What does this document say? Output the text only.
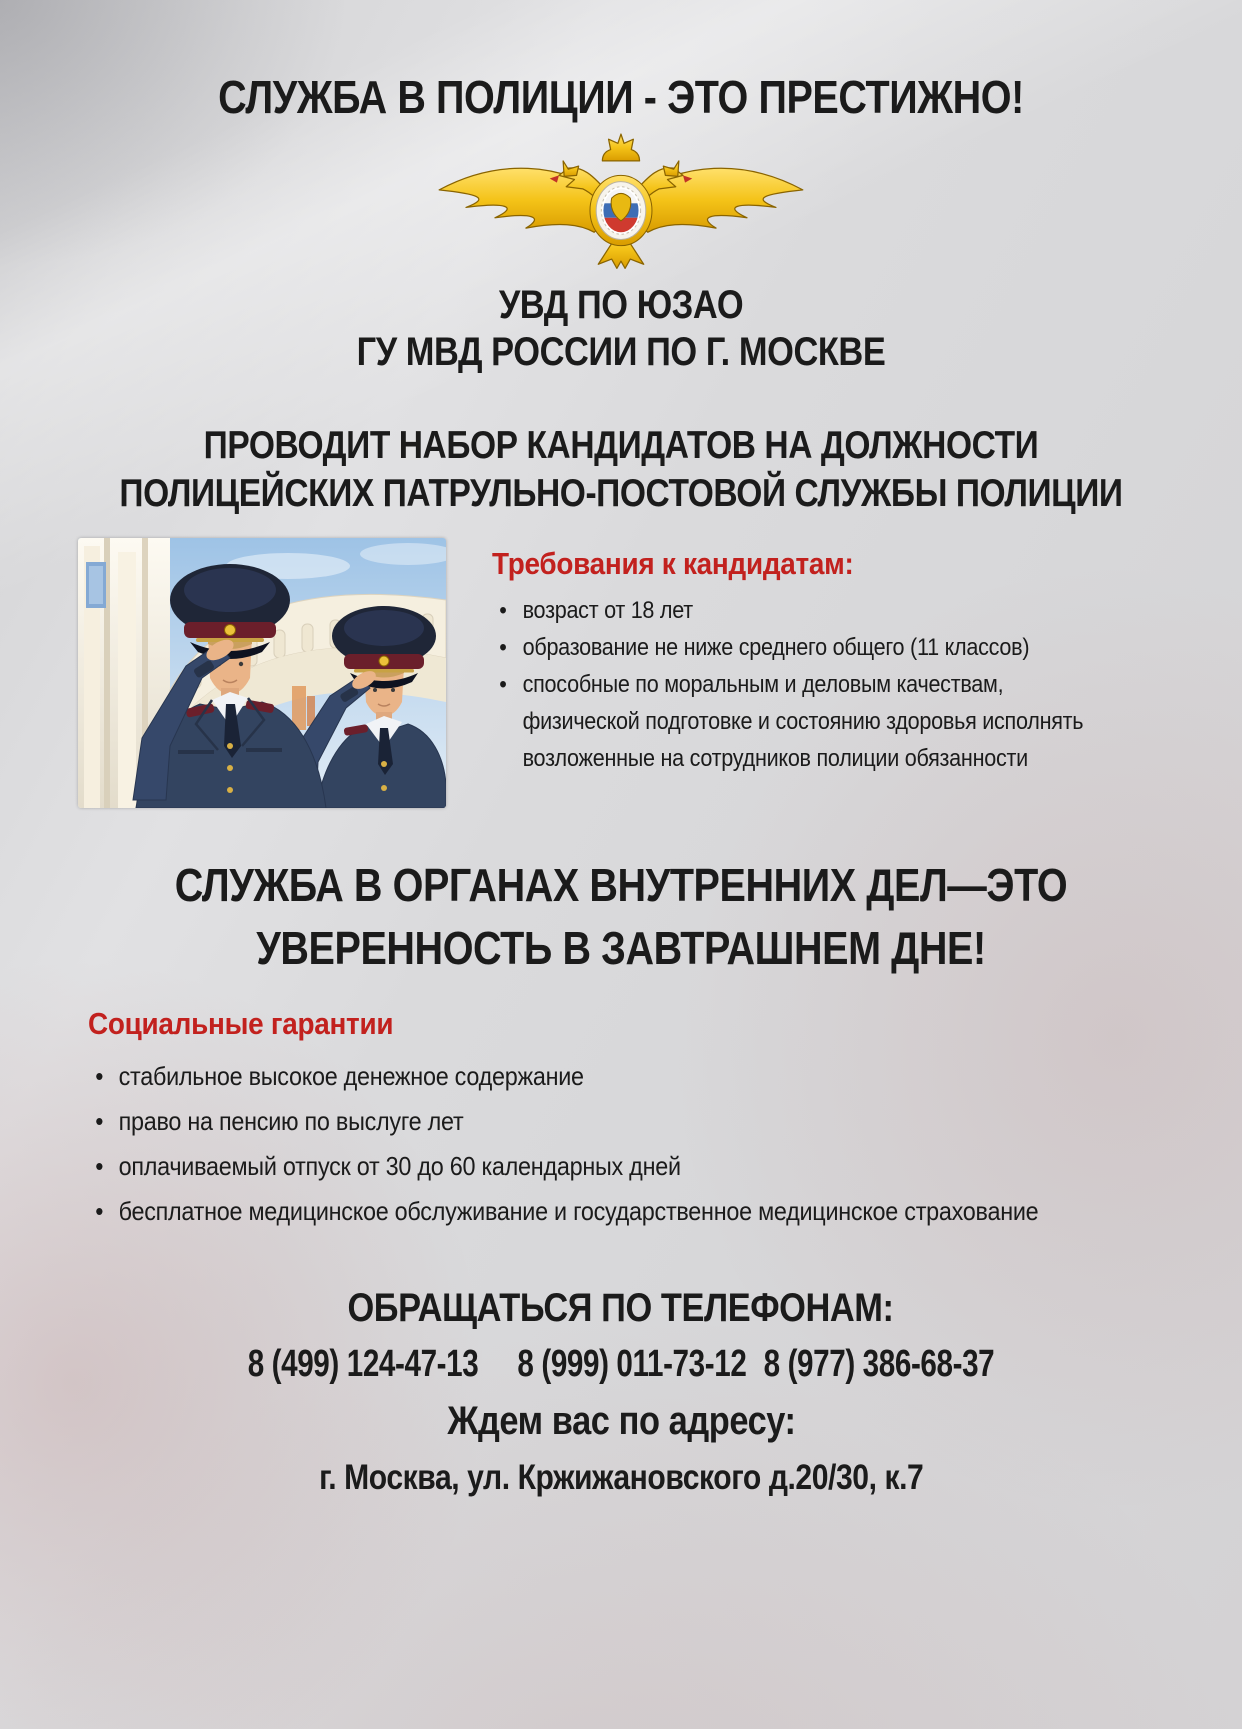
СЛУЖБА В ПОЛИЦИИ - ЭТО ПРЕСТИЖНО!
УВД ПО ЮЗАО
ГУ МВД РОССИИ ПО Г. МОСКВЕ
ПРОВОДИТ НАБОР КАНДИДАТОВ НА ДОЛЖНОСТИ
ПОЛИЦЕЙСКИХ ПАТРУЛЬНО-ПОСТОВОЙ СЛУЖБЫ ПОЛИЦИИ
Требования к кандидатам:
• возраст от 18 лет
• образование не ниже среднего общего (11 классов)
• способные по моральным и деловым качествам, физической подготовке и состоянию здоровья исполнять возложенные на сотрудников полиции обязанности
СЛУЖБА В ОРГАНАХ ВНУТРЕННИХ ДЕЛ—ЭТО
УВЕРЕННОСТЬ В ЗАВТРАШНЕМ ДНЕ!
Социальные гарантии
• стабильное высокое денежное содержание
• право на пенсию по выслуге лет
• оплачиваемый отпуск от 30 до 60 календарных дней
• бесплатное медицинское обслуживание и государственное медицинское страхование
ОБРАЩАТЬСЯ ПО ТЕЛЕФОНАМ:
8 (499) 124-47-13 8 (999) 011-73-12 8 (977) 386-68-37
Ждем вас по адресу:
г. Москва, ул. Кржижановского д.20/30, к.7
